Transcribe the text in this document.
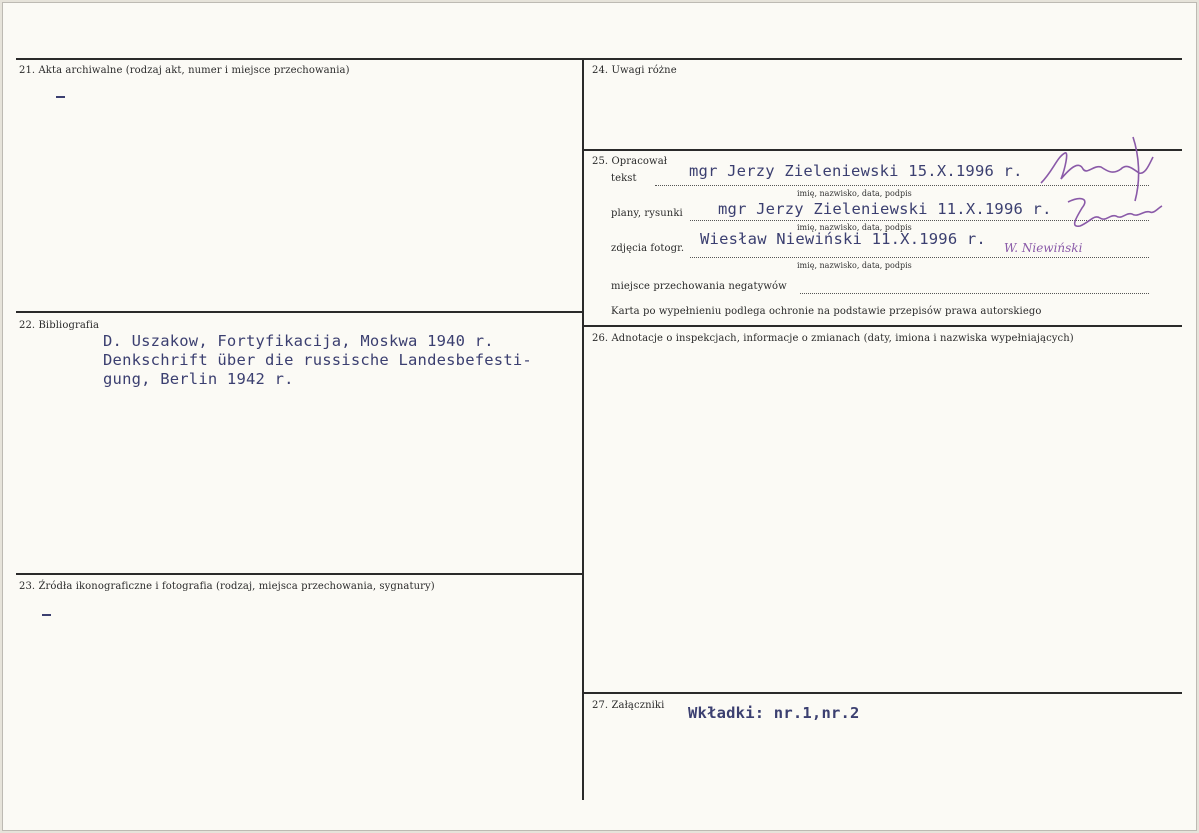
21. Akta archiwalne (rodzaj akt, numer i miejsce przechowania)
22. Bibliografia
D. Uszakow, Fortyfikacija, Moskwa 1940 r.
Denkschrift über die russische Landesbefesti-
gung, Berlin 1942 r.
23. Źródła ikonograficzne i fotografia (rodzaj, miejsca przechowania, sygnatury)
24. Uwagi różne
25. Opracował
tekst	mgr Jerzy Zieleniewski 15.X.1996 r.
imię, nazwisko, data, podpis
plany, rysunki mgr Jerzy Zieleniewski 11.X.1996 r.
imię, nazwisko, data, podpis
zdjęcia fotogr.
Wiesław Niewiński 11.X.1996 r. W. Niewiński
imię, nazwisko, data, podpis
miejsce przechowania negatywów
Karta po wypełnieniu podlega ochronie na podstawie przepisów prawa autorskiego
26. Adnotacje o inspekcjach, informacje o zmianach (daty, imiona i nazwiska wypełniających)
27. Załączniki Wkładki: nr.1,nr.2
